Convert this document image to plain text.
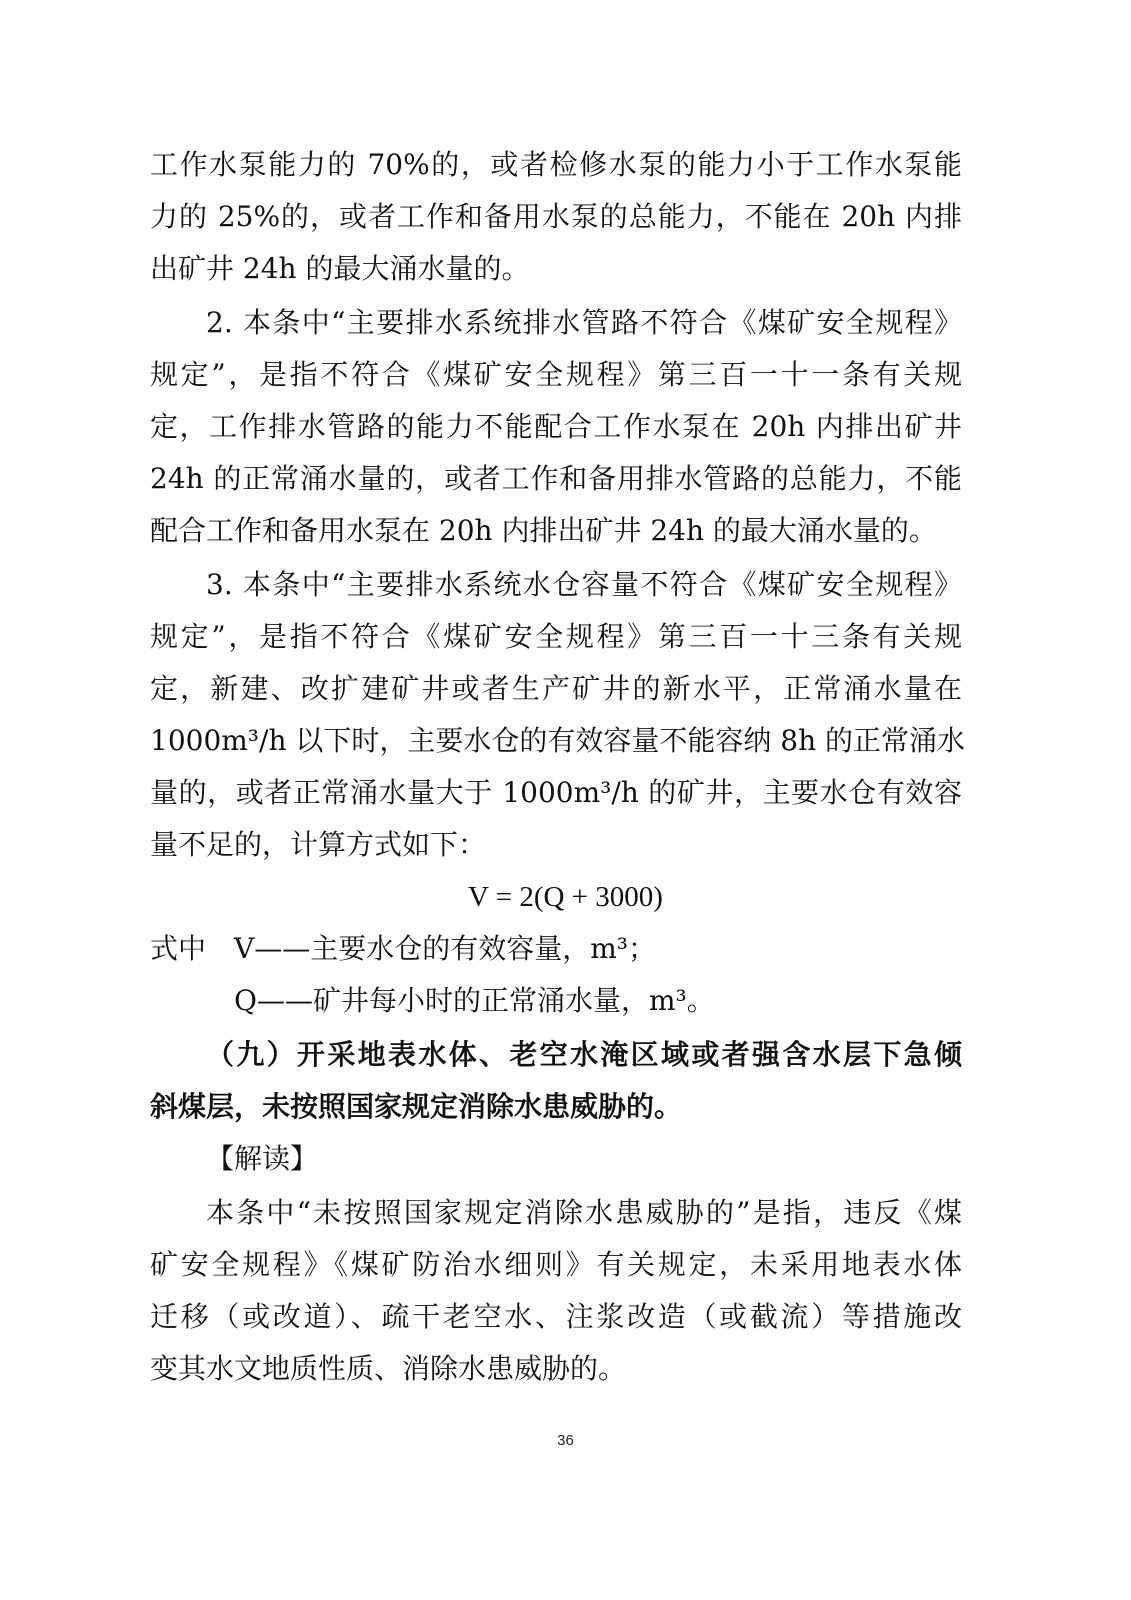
工作水泵能力的 70%的，或者检修水泵的能力小于工作水泵能
力的 25%的，或者工作和备用水泵的总能力，不能在 20h 内排
出矿井 24h 的最大涌水量的。
2. 本条中“主要排水系统排水管路不符合《煤矿安全规程》
规定”，是指不符合《煤矿安全规程》第三百一十一条有关规
定，工作排水管路的能力不能配合工作水泵在 20h 内排出矿井
24h 的正常涌水量的，或者工作和备用排水管路的总能力，不能
配合工作和备用水泵在 20h 内排出矿井 24h 的最大涌水量的。
3. 本条中“主要排水系统水仓容量不符合《煤矿安全规程》
规定”，是指不符合《煤矿安全规程》第三百一十三条有关规
定，新建、改扩建矿井或者生产矿井的新水平，正常涌水量在
1000m³/h 以下时，主要水仓的有效容量不能容纳 8h 的正常涌水
量的，或者正常涌水量大于 1000m³/h 的矿井，主要水仓有效容
量不足的，计算方式如下：
V = 2(Q + 3000)
式中　V——主要水仓的有效容量，m³；
Q——矿井每小时的正常涌水量，m³。
（九）开采地表水体、老空水淹区域或者强含水层下急倾
斜煤层，未按照国家规定消除水患威胁的。
【解读】
本条中“未按照国家规定消除水患威胁的”是指，违反《煤
矿安全规程》《煤矿防治水细则》有关规定，未采用地表水体
迁移（或改道）、疏干老空水、注浆改造（或截流）等措施改
变其水文地质性质、消除水患威胁的。
36
